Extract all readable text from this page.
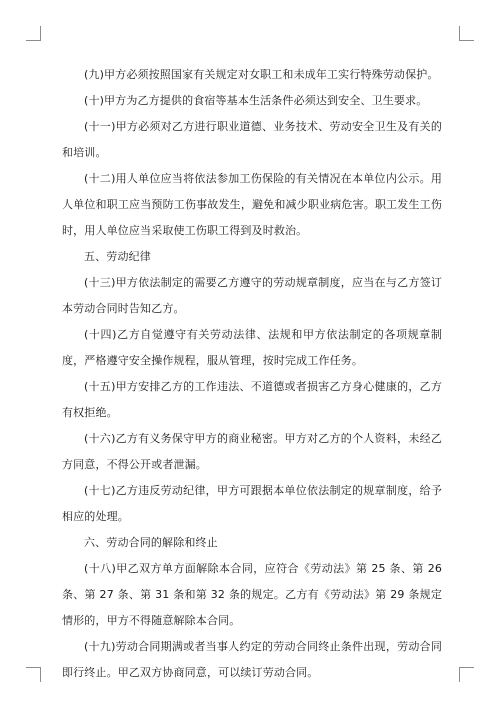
(九)甲方必须按照国家有关规定对女职工和未成年工实行特殊劳动保护。

(十)甲方为乙方提供的食宿等基本生活条件必须达到安全、卫生要求。

(十一)甲方必须对乙方进行职业道德、业务技术、劳动安全卫生及有关的和培训。

(十二)用人单位应当将依法参加工伤保险的有关情况在本单位内公示。用人单位和职工应当预防工伤事故发生，避免和减少职业病危害。职工发生工伤时，用人单位应当采取使工伤职工得到及时救治。

五、劳动纪律

(十三)甲方依法制定的需要乙方遵守的劳动规章制度，应当在与乙方签订本劳动合同时告知乙方。

(十四)乙方自觉遵守有关劳动法律、法规和甲方依法制定的各项规章制度，严格遵守安全操作规程，服从管理，按时完成工作任务。

(十五)甲方安排乙方的工作违法、不道德或者损害乙方身心健康的，乙方有权拒绝。

(十六)乙方有义务保守甲方的商业秘密。甲方对乙方的个人资料，未经乙方同意，不得公开或者泄漏。

(十七)乙方违反劳动纪律，甲方可跟据本单位依法制定的规章制度，给予相应的处理。

六、劳动合同的解除和终止

(十八)甲乙双方单方面解除本合同，应符合《劳动法》第 25 条、第 26 条、第 27 条、第 31 条和第 32 条的规定。乙方有《劳动法》第 29 条规定情形的，甲方不得随意解除本合同。

(十九)劳动合同期满或者当事人约定的劳动合同终止条件出现，劳动合同即行终止。甲乙双方协商同意，可以续订劳动合同。
